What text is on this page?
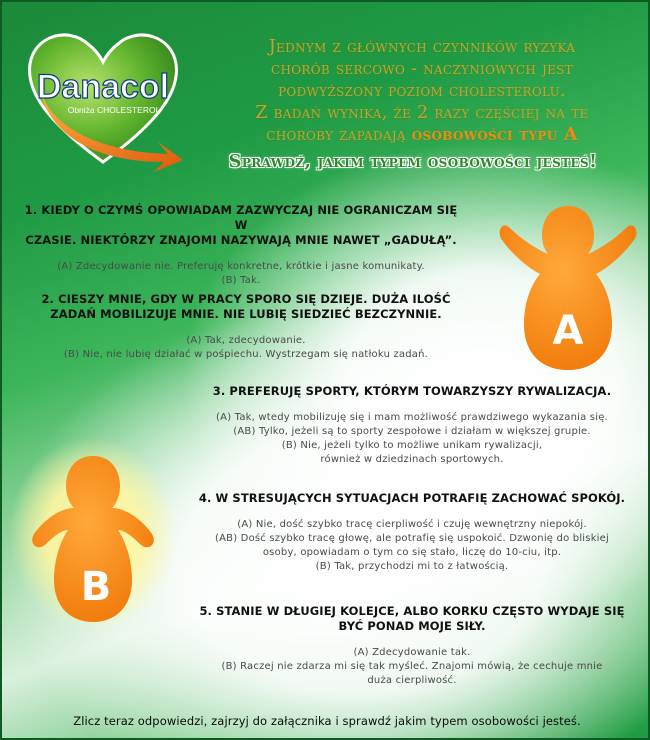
Danacol
Obniża CHOLESTEROL
Jednym z głównych czynników ryzyka
chorób sercowo - naczyniowych jest
podwyższony poziom cholesterolu.
Z badań wynika, że 2 razy częściej na te
choroby zapadają osobowości typu A
Sprawdź, jakim typem osobowości jesteś!
1. KIEDY O CZYMŚ OPOWIADAM ZAZWYCZAJ NIE OGRANICZAM SIĘ W
CZASIE. NIEKTÓRZY ZNAJOMI NAZYWAJĄ MNIE NAWET „GADUŁĄ”.
(A) Zdecydowanie nie. Preferuję konkretne, krótkie i jasne komunikaty.
(B) Tak.
2. CIESZY MNIE, GDY W PRACY SPORO SIĘ DZIEJE. DUŻA ILOŚĆ
ZADAŃ MOBILIZUJE MNIE. NIE LUBIĘ SIEDZIEĆ BEZCZYNNIE.
(A) Tak, zdecydowanie.
(B) Nie, nie lubię działać w pośpiechu. Wystrzegam się natłoku zadań.
3. PREFERUJĘ SPORTY, KTÓRYM TOWARZYSZY RYWALIZACJA.
(A) Tak, wtedy mobilizuję się i mam możliwość prawdziwego wykazania się.
(AB) Tylko, jeżeli są to sporty zespołowe i działam w większej grupie.
(B) Nie, jeżeli tylko to możliwe unikam rywalizacji,
również w dziedzinach sportowych.
4. W STRESUJĄCYCH SYTUACJACH POTRAFIĘ ZACHOWAĆ SPOKÓJ.
(A) Nie, dość szybko tracę cierpliwość i czuję wewnętrzny niepokój.
(AB) Dość szybko tracę głowę, ale potrafię się uspokoić. Dzwonię do bliskiej
osoby, opowiadam o tym co się stało, liczę do 10-ciu, itp.
(B) Tak, przychodzi mi to z łatwością.
5. STANIE W DŁUGIEJ KOLEJCE, ALBO KORKU CZĘSTO WYDAJE SIĘ
BYĆ PONAD MOJE SIŁY.
(A) Zdecydowanie tak.
(B) Raczej nie zdarza mi się tak myśleć. Znajomi mówią, że cechuje mnie
duża cierpliwość.
A
B
Zlicz teraz odpowiedzi, zajrzyj do załącznika i sprawdź jakim typem osobowości jesteś.
